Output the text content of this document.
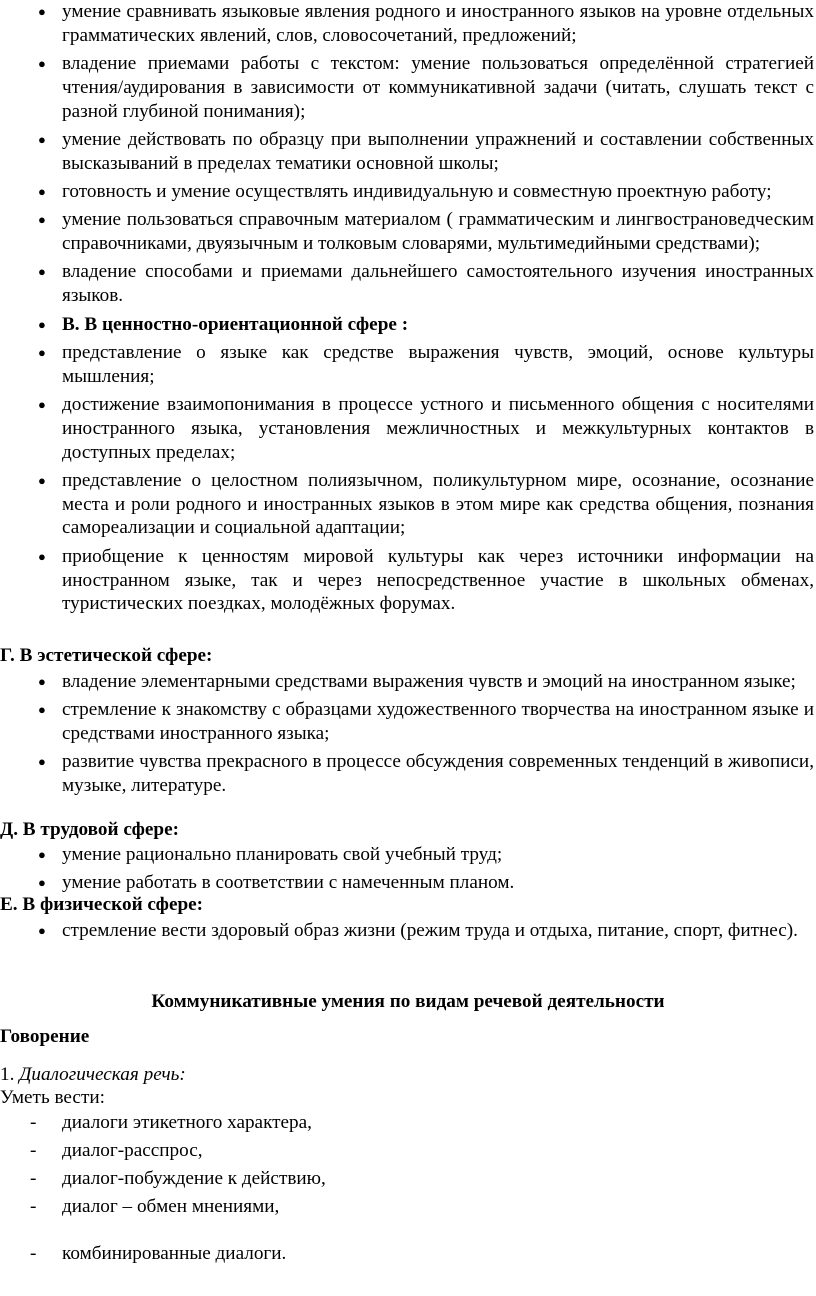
● умение сравнивать языковые явления родного и иностранного языков на уровне отдельных грамматических явлений, слов, словосочетаний, предложений;
● владение приемами работы с текстом: умение пользоваться определённой стратегией чтения/аудирования в зависимости от коммуникативной задачи (читать, слушать текст с разной глубиной понимания);
● умение действовать по образцу при выполнении упражнений и составлении собственных высказываний в пределах тематики основной школы;
● готовность и умение осуществлять индивидуальную и совместную проектную работу;
● умение пользоваться справочным материалом ( грамматическим и лингвострановедческим справочниками, двуязычным и толковым словарями, мультимедийными средствами);
● владение способами и приемами дальнейшего самостоятельного изучения иностранных языков.
● В. В ценностно-ориентационной сфере :
● представление о языке как средстве выражения чувств, эмоций, основе культуры мышления;
● достижение взаимопонимания в процессе устного и письменного общения с носителями иностранного языка, установления межличностных и межкультурных контактов в доступных пределах;
● представление о целостном полиязычном, поликультурном мире, осознание, осознание места и роли родного и иностранных языков в этом мире как средства общения, познания самореализации и социальной адаптации;
● приобщение к ценностям мировой культуры как через источники информации на иностранном языке, так и через непосредственное участие в школьных обменах, туристических поездках, молодёжных форумах.
Г. В эстетической сфере:
● владение элементарными средствами выражения чувств и эмоций на иностранном языке;
● стремление к знакомству с образцами художественного творчества на иностранном языке и средствами иностранного языка;
● развитие чувства прекрасного в процессе обсуждения современных тенденций в живописи, музыке, литературе.
Д. В трудовой сфере:
● умение рационально планировать свой учебный труд;
● умение работать в соответствии с намеченным планом.
Е. В физической сфере:
● стремление вести здоровый образ жизни (режим труда и отдыха, питание, спорт, фитнес).
Коммуникативные умения по видам речевой деятельности
Говорение
1. Диалогическая речь:
Уметь вести:
- диалоги этикетного характера,
- диалог-расспрос,
- диалог-побуждение к действию,
- диалог – обмен мнениями,
- комбинированные диалоги.
